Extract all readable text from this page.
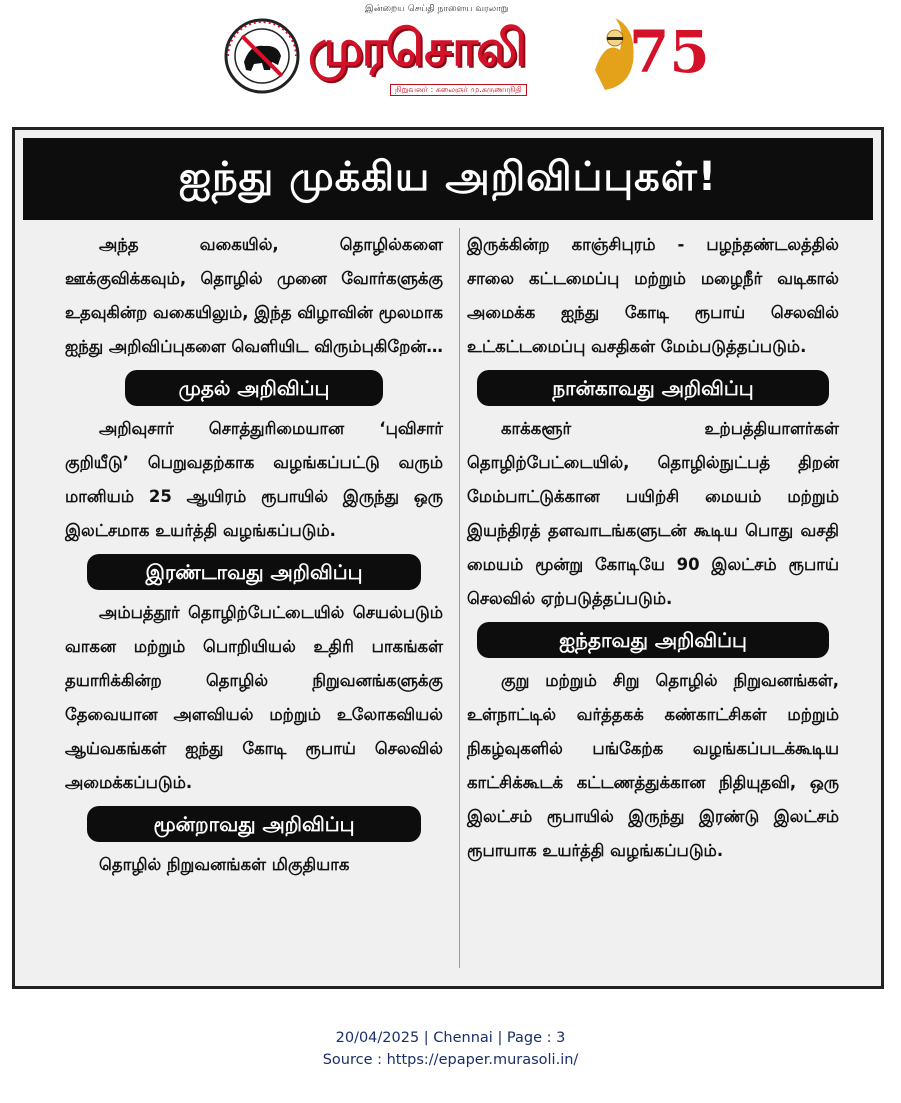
இன்றைய செய்தி நாளைய வரலாறு
முரசொலி
நிறுவனர் : கலைஞர் மு.கருணாநிதி
75
ஐந்து முக்கிய அறிவிப்புகள்!

அந்த வகையில், தொழில்களை ஊக்குவிக்கவும், தொழில் முனை வோர்களுக்கு உதவுகின்ற வகையிலும், இந்த விழாவின் மூலமாக ஐந்து அறிவிப்புகளை வெளியிட விரும்புகிறேன்…

முதல் அறிவிப்பு

அறிவுசார் சொத்துரிமையான ‘புவிசார் குறியீடு’ பெறுவதற்காக வழங்கப்பட்டு வரும் மானியம் 25 ஆயிரம் ரூபாயில் இருந்து ஒரு இலட்சமாக உயர்த்தி வழங்கப்படும்.

இரண்டாவது அறிவிப்பு

அம்பத்தூர் தொழிற்பேட்டையில் செயல்படும் வாகன மற்றும் பொறியியல் உதிரி பாகங்கள் தயாரிக்கின்ற தொழில் நிறுவனங்களுக்கு தேவையான அளவியல் மற்றும் உலோகவியல் ஆய்வகங்கள் ஐந்து கோடி ரூபாய் செலவில் அமைக்கப்படும்.

மூன்றாவது அறிவிப்பு

தொழில் நிறுவனங்கள் மிகுதியாக

இருக்கின்ற காஞ்சிபுரம் - பழந்தண்டலத்தில் சாலை கட்டமைப்பு மற்றும் மழைநீர் வடிகால் அமைக்க ஐந்து கோடி ரூபாய் செலவில் உட்கட்டமைப்பு வசதிகள் மேம்படுத்தப்படும்.

நான்காவது அறிவிப்பு

காக்களூர் உற்பத்தியாளர்கள் தொழிற்பேட்டையில், தொழில்நுட்பத் திறன் மேம்பாட்டுக்கான பயிற்சி மையம் மற்றும் இயந்திரத் தளவாடங்களுடன் கூடிய பொது வசதி மையம் மூன்று கோடியே 90 இலட்சம் ரூபாய் செலவில் ஏற்படுத்தப்படும்.

ஐந்தாவது அறிவிப்பு

குறு மற்றும் சிறு தொழில் நிறுவனங்கள், உள்நாட்டில் வர்த்தகக் கண்காட்சிகள் மற்றும் நிகழ்வுகளில் பங்கேற்க வழங்கப்படக்கூடிய காட்சிக்கூடக் கட்டணத்துக்கான நிதியுதவி, ஒரு இலட்சம் ரூபாயில் இருந்து இரண்டு இலட்சம் ரூபாயாக உயர்த்தி வழங்கப்படும்.

20/04/2025 | Chennai | Page : 3
Source : https://epaper.murasoli.in/
